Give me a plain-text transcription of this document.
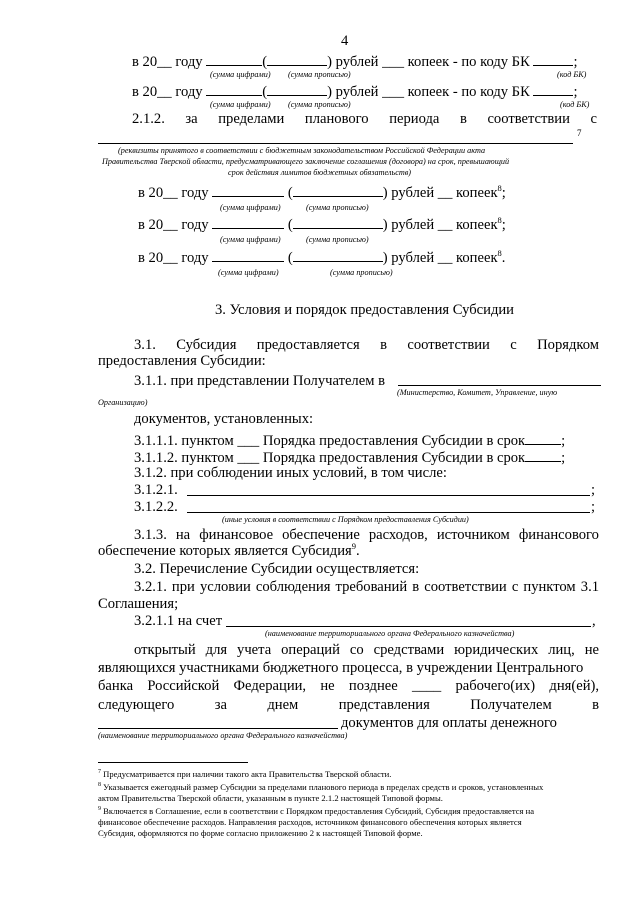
4
в 20__ году	(	) рублей ___ копеек - по коду БК	;
(сумма цифрами) (сумма прописью)	(код БК)
в 20__ году	(	) рублей ___ копеек - по коду БК	;
(сумма цифрами) (сумма прописью)	(код БК)
2.1.2. за пределами планового периода в соответствии с
7
(реквизиты принятого в соответствии с бюджетным законодательством Российской Федерации акта
Правительства Тверской области, предусматривающего заключение соглашения (договора) на срок, превышающий
срок действия лимитов бюджетных обязательств)
в 20__ году	(	) рублей __ копеек$^8$;
(сумма цифрами)	(сумма прописью)
в 20__ году	(	) рублей __ копеек$^8$;
(сумма цифрами)	(сумма прописью)
в 20__ году	(	) рублей __ копеек$^8$.
(сумма цифрами)	(сумма прописью)
3. Условия и порядок предоставления Субсидии
3.1. Субсидия предоставляется в соответствии с Порядком
предоставления Субсидии:
3.1.1. при представлении Получателем в
(Министерство, Комитет, Управление, иную
Организацию)
документов, установленных:
3.1.1.1. пунктом ___ Порядка предоставления Субсидии в срок ;
3.1.1.2. пунктом ___ Порядка предоставления Субсидии в срок ;
3.1.2. при соблюдении иных условий, в том числе:
3.1.2.1.	;
3.1.2.2.	;
(иные условия в соответствии с Порядком предоставления Субсидии)
3.1.3. на финансовое обеспечение расходов, источником финансового
обеспечение которых является Субсидия$^9$.
3.2. Перечисление Субсидии осуществляется:
3.2.1. при условии соблюдения требований в соответствии с пунктом 3.1
Соглашения;
3.2.1.1 на счет	,
(наименование территориального органа Федерального казначейства)
открытый для учета операций со средствами юридических лиц, не
являющихся участниками бюджетного процесса, в учреждении Центрального
банка Российской Федерации, не позднее ____ рабочего(их) дня(ей),
следующего	за	днем	представления	Получателем	в
документов для оплаты денежного
(наименование территориального органа Федерального казначейства)
$^7$ Предусматривается при наличии такого акта Правительства Тверской области.
$^8$ Указывается ежегодный размер Субсидии за пределами планового периода в пределах средств и сроков, установленных
актом Правительства Тверской области, указанным в пункте 2.1.2 настоящей Типовой формы.
$^9$ Включается в Соглашение, если в соответствии с Порядком предоставления Субсидий, Субсидия предоставляется на
финансовое обеспечение расходов. Направления расходов, источником финансового обеспечения которых является
Субсидия, оформляются по форме согласно приложению 2 к настоящей Типовой форме.
